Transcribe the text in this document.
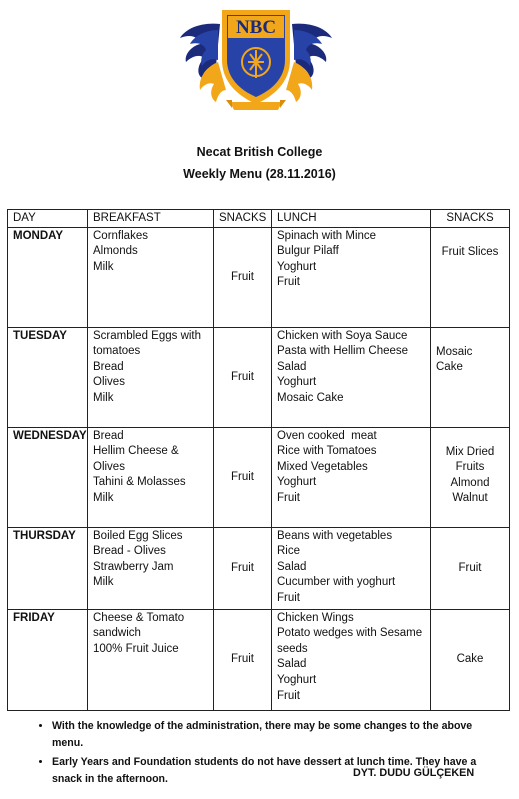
NBC
Necat British College
Weekly Menu (28.11.2016)
DAY	BREAKFAST	SNACKS	LUNCH	SNACKS
MONDAY	Cornflakes
Almonds
Milk	Fruit	Spinach with Mince
Bulgur Pilaff
Yoghurt
Fruit	Fruit Slices

TUESDAY	Scrambled Eggs with tomatoes
Bread
Olives
Milk	Fruit	Chicken with Soya Sauce
Pasta with Hellim Cheese
Salad
Yoghurt
Mosaic Cake	Mosaic Cake

WEDNESDAY	Bread
Hellim Cheese & Olives
Tahini & Molasses
Milk	Fruit	Oven cooked  meat
Rice with Tomatoes
Mixed Vegetables
Yoghurt
Fruit	Mix Dried Fruits
Almond
Walnut

THURSDAY	Boiled Egg Slices
Bread - Olives
Strawberry Jam
Milk	Fruit	Beans with vegetables
Rice
Salad
Cucumber with yoghurt
Fruit	Fruit

FRIDAY	Cheese & Tomato sandwich
100% Fruit Juice	Fruit	Chicken Wings
Potato wedges with Sesame seeds
Salad
Yoghurt
Fruit	Cake
• With the knowledge of the administration, there may be some changes to the above menu.
• Early Years and Foundation students do not have dessert at lunch time. They have a snack in the afternoon.	DYT. DUDU GÜLÇEKEN
